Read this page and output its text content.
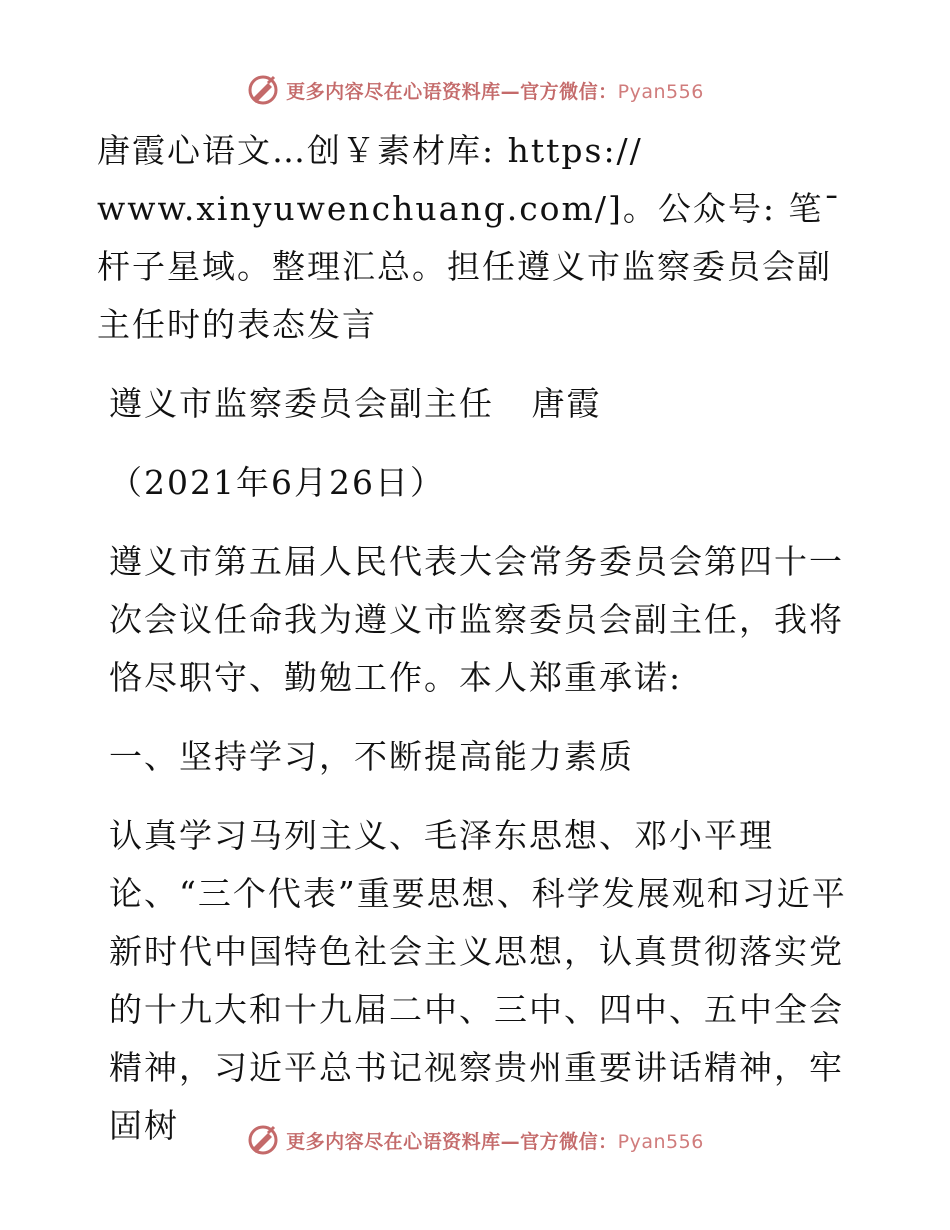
更多内容尽在心语资料库—官方微信：Pyan556

唐霞心语文…创￥素材库: https://
www.xinyuwenchuang.com/]。公众号: 笔¯杆子星域。整理汇总。担任遵义市监察委员会副主任时的表态发言

遵义市监察委员会副主任   唐霞

（2021年6月26日）

遵义市第五届人民代表大会常务委员会第四十一次会议任命我为遵义市监察委员会副主任，我将恪尽职守、勤勉工作。本人郑重承诺:

一、坚持学习，不断提高能力素质

认真学习马列主义、毛泽东思想、邓小平理
论、“三个代表”重要思想、科学发展观和习近平新时代中国特色社会主义思想，认真贯彻落实党的十九大和十九届二中、三中、四中、五中全会精神，习近平总书记视察贵州重要讲话精神，牢固树	更多内容尽在心语资料库—官方微信：Pyan556
